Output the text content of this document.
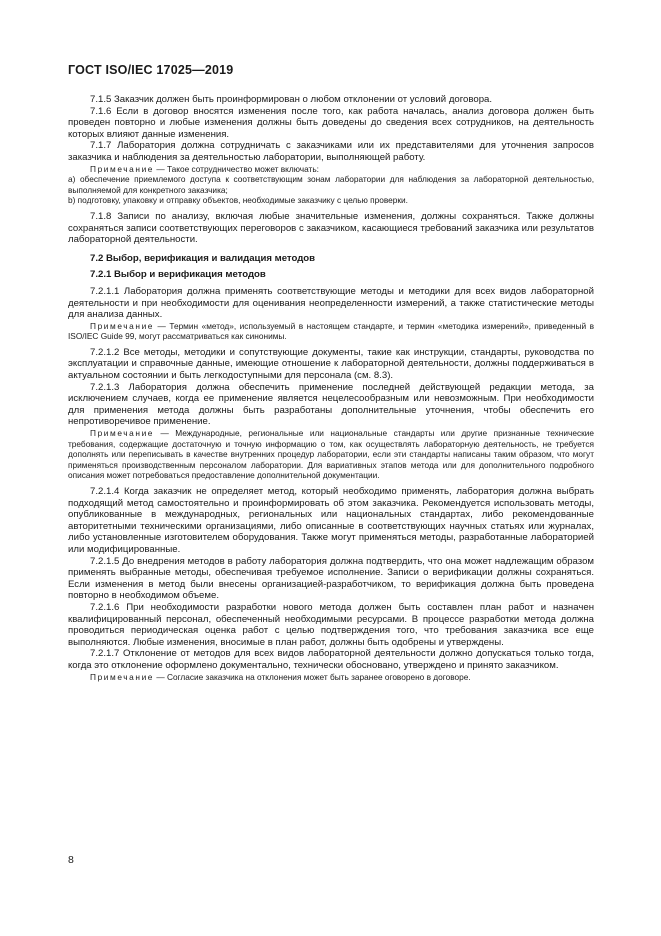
ГОСТ ISO/IEC 17025—2019

7.1.5 Заказчик должен быть проинформирован о любом отклонении от условий договора.

7.1.6 Если в договор вносятся изменения после того, как работа началась, анализ договора должен быть проведен повторно и любые изменения должны быть доведены до сведения всех сотрудников, на деятельность которых влияют данные изменения.

7.1.7 Лаборатория должна сотрудничать с заказчиками или их представителями для уточнения запросов заказчика и наблюдения за деятельностью лаборатории, выполняющей работу.

Примечание — Такое сотрудничество может включать:

a) обеспечение приемлемого доступа к соответствующим зонам лаборатории для наблюдения за лабораторной деятельностью, выполняемой для конкретного заказчика;

b) подготовку, упаковку и отправку объектов, необходимые заказчику с целью проверки.

7.1.8 Записи по анализу, включая любые значительные изменения, должны сохраняться. Также должны сохраняться записи соответствующих переговоров с заказчиком, касающиеся требований заказчика или результатов лабораторной деятельности.

7.2 Выбор, верификация и валидация методов

7.2.1 Выбор и верификация методов

7.2.1.1 Лаборатория должна применять соответствующие методы и методики для всех видов лабораторной деятельности и при необходимости для оценивания неопределенности измерений, а также статистические методы для анализа данных.

Примечание — Термин «метод», используемый в настоящем стандарте, и термин «методика измерений», приведенный в ISO/IEC Guide 99, могут рассматриваться как синонимы.

7.2.1.2 Все методы, методики и сопутствующие документы, такие как инструкции, стандарты, руководства по эксплуатации и справочные данные, имеющие отношение к лабораторной деятельности, должны поддерживаться в актуальном состоянии и быть легкодоступными для персонала (см. 8.3).

7.2.1.3 Лаборатория должна обеспечить применение последней действующей редакции метода, за исключением случаев, когда ее применение является нецелесообразным или невозможным. При необходимости для применения метода должны быть разработаны дополнительные уточнения, чтобы обеспечить его непротиворечивое применение.

Примечание — Международные, региональные или национальные стандарты или другие признанные технические требования, содержащие достаточную и точную информацию о том, как осуществлять лабораторную деятельность, не требуется дополнять или переписывать в качестве внутренних процедур лаборатории, если эти стандарты написаны таким образом, что могут применяться производственным персоналом лаборатории. Для вариативных этапов метода или для дополнительного подробного описания может потребоваться предоставление дополнительной документации.

7.2.1.4 Когда заказчик не определяет метод, который необходимо применять, лаборатория должна выбрать подходящий метод самостоятельно и проинформировать об этом заказчика. Рекомендуется использовать методы, опубликованные в международных, региональных или национальных стандартах, либо рекомендованные авторитетными техническими организациями, либо описанные в соответствующих научных статьях или журналах, либо установленные изготовителем оборудования. Также могут применяться методы, разработанные лабораторией или модифицированные.

7.2.1.5 До внедрения методов в работу лаборатория должна подтвердить, что она может надлежащим образом применять выбранные методы, обеспечивая требуемое исполнение. Записи о верификации должны сохраняться. Если изменения в метод были внесены организацией-разработчиком, то верификация должна быть проведена повторно в необходимом объеме.

7.2.1.6 При необходимости разработки нового метода должен быть составлен план работ и назначен квалифицированный персонал, обеспеченный необходимыми ресурсами. В процессе разработки метода должна проводиться периодическая оценка работ с целью подтверждения того, что требования заказчика все еще выполняются. Любые изменения, вносимые в план работ, должны быть одобрены и утверждены.

7.2.1.7 Отклонение от методов для всех видов лабораторной деятельности должно допускаться только тогда, когда это отклонение оформлено документально, технически обосновано, утверждено и принято заказчиком.

Примечание — Согласие заказчика на отклонения может быть заранее оговорено в договоре.

8
